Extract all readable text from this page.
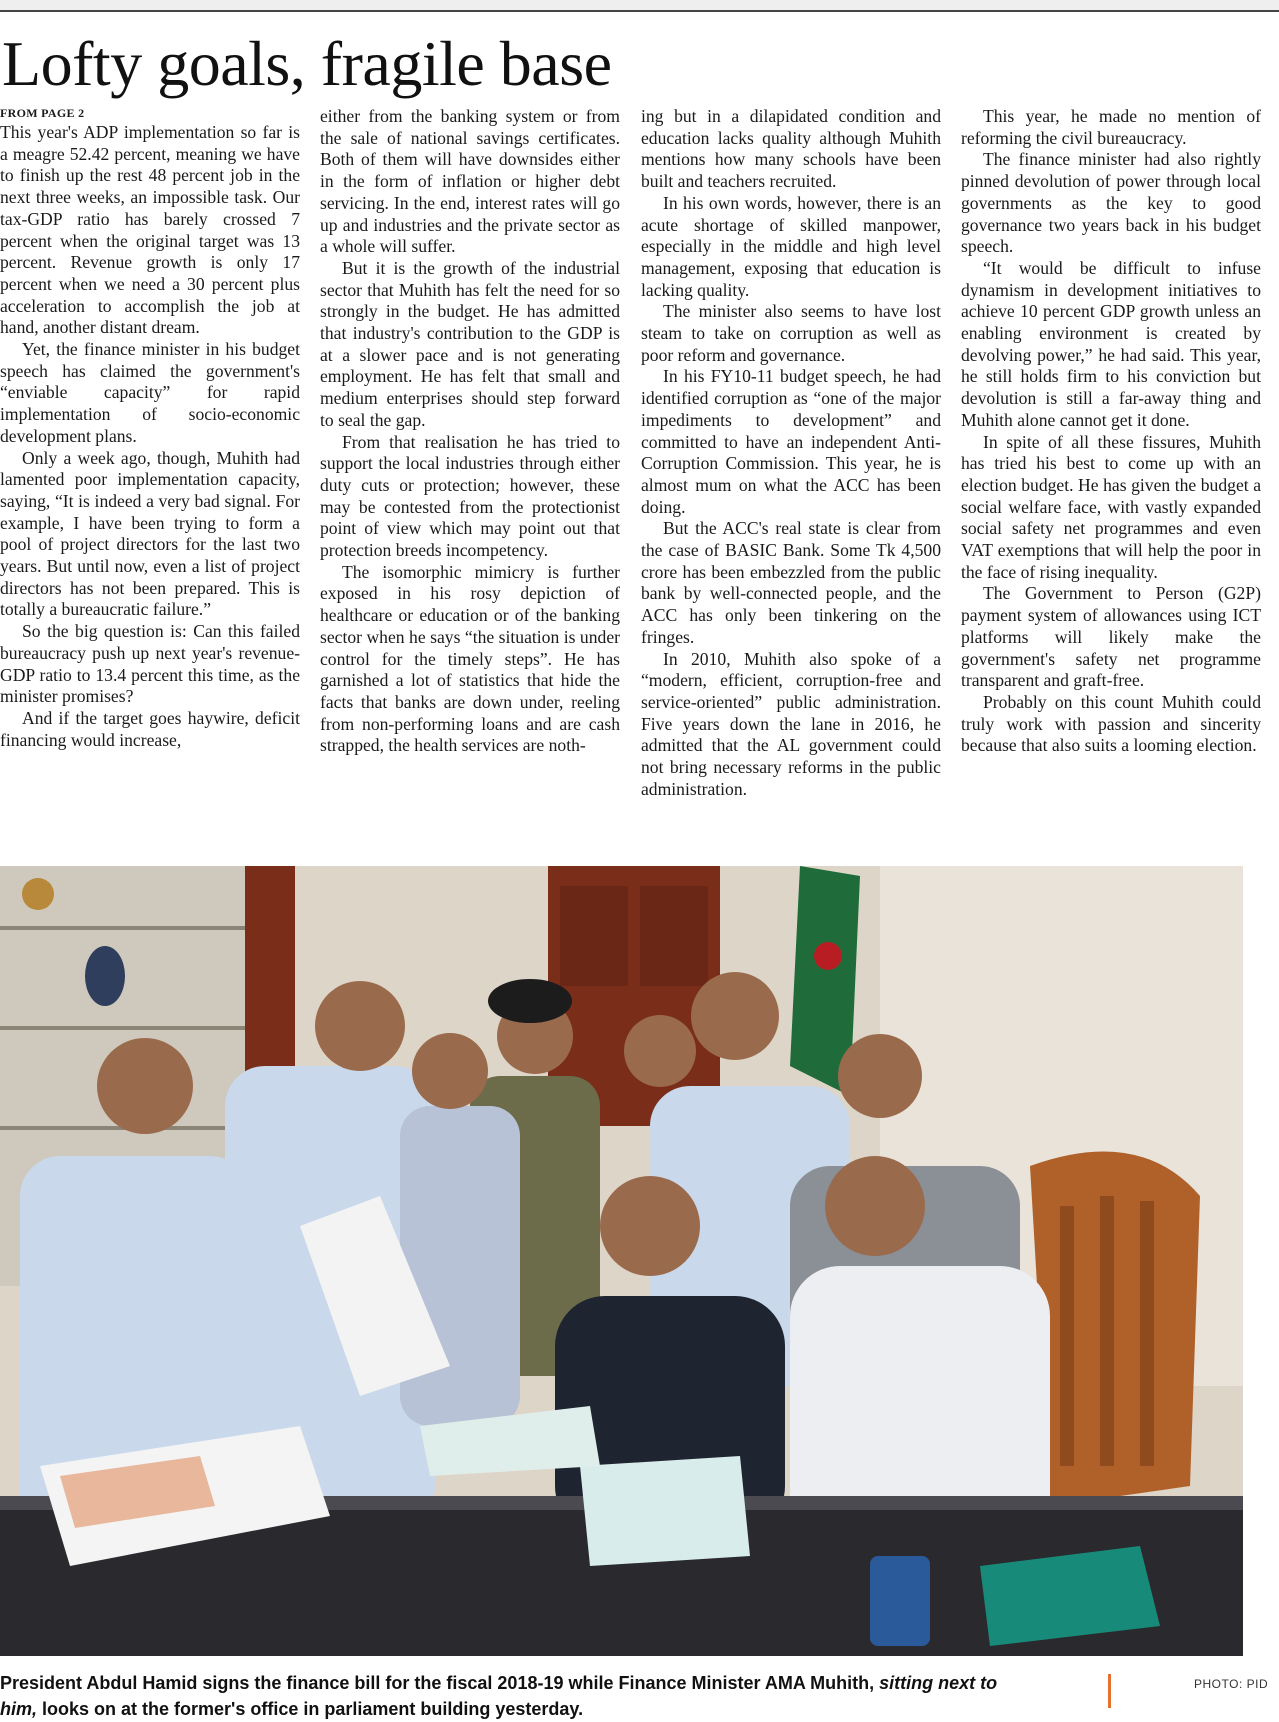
Lofty goals, fragile base
FROM PAGE 2

This year's ADP implementation so far is a meagre 52.42 percent, meaning we have to finish up the rest 48 percent job in the next three weeks, an impossible task. Our tax-GDP ratio has barely crossed 7 percent when the original target was 13 percent. Revenue growth is only 17 percent when we need a 30 percent plus acceleration to accomplish the job at hand, another distant dream.

Yet, the finance minister in his budget speech has claimed the government's “enviable capacity” for rapid implementation of socio-economic development plans.

Only a week ago, though, Muhith had lamented poor implementation capacity, saying, “It is indeed a very bad signal. For example, I have been trying to form a pool of project directors for the last two years. But until now, even a list of project directors has not been prepared. This is totally a bureaucratic failure.”

So the big question is: Can this failed bureaucracy push up next year's revenue-GDP ratio to 13.4 percent this time, as the minister promises?

And if the target goes haywire, deficit financing would increase,

either from the banking system or from the sale of national savings certificates. Both of them will have downsides either in the form of inflation or higher debt servicing. In the end, interest rates will go up and industries and the private sector as a whole will suffer.

But it is the growth of the industrial sector that Muhith has felt the need for so strongly in the budget. He has admitted that industry's contribution to the GDP is at a slower pace and is not generating employment. He has felt that small and medium enterprises should step forward to seal the gap.

From that realisation he has tried to support the local industries through either duty cuts or protection; however, these may be contested from the protectionist point of view which may point out that protection breeds incompetency.

The isomorphic mimicry is further exposed in his rosy depiction of healthcare or education or of the banking sector when he says “the situation is under control for the timely steps”. He has garnished a lot of statistics that hide the facts that banks are down under, reeling from non-performing loans and are cash strapped, the health services are noth-

ing but in a dilapidated condition and education lacks quality although Muhith mentions how many schools have been built and teachers recruited.

In his own words, however, there is an acute shortage of skilled manpower, especially in the middle and high level management, exposing that education is lacking quality.

The minister also seems to have lost steam to take on corruption as well as poor reform and governance.

In his FY10-11 budget speech, he had identified corruption as “one of the major impediments to development” and committed to have an independent Anti-Corruption Commission. This year, he is almost mum on what the ACC has been doing.

But the ACC's real state is clear from the case of BASIC Bank. Some Tk 4,500 crore has been embezzled from the public bank by well-connected people, and the ACC has only been tinkering on the fringes.

In 2010, Muhith also spoke of a “modern, efficient, corruption-free and service-oriented” public administration. Five years down the lane in 2016, he admitted that the AL government could not bring necessary reforms in the public administration.

This year, he made no mention of reforming the civil bureaucracy.

The finance minister had also rightly pinned devolution of power through local governments as the key to good governance two years back in his budget speech.

“It would be difficult to infuse dynamism in development initiatives to achieve 10 percent GDP growth unless an enabling environment is created by devolving power,” he had said. This year, he still holds firm to his conviction but devolution is still a far-away thing and Muhith alone cannot get it done.

In spite of all these fissures, Muhith has tried his best to come up with an election budget. He has given the budget a social welfare face, with vastly expanded social safety net programmes and even VAT exemptions that will help the poor in the face of rising inequality.

The Government to Person (G2P) payment system of allowances using ICT platforms will likely make the government's safety net programme transparent and graft-free.

Probably on this count Muhith could truly work with passion and sincerity because that also suits a looming election.

President Abdul Hamid signs the finance bill for the fiscal 2018-19 while Finance Minister AMA Muhith, sitting next to him, looks on at the former's office in parliament building yesterday.
PHOTO: PID
